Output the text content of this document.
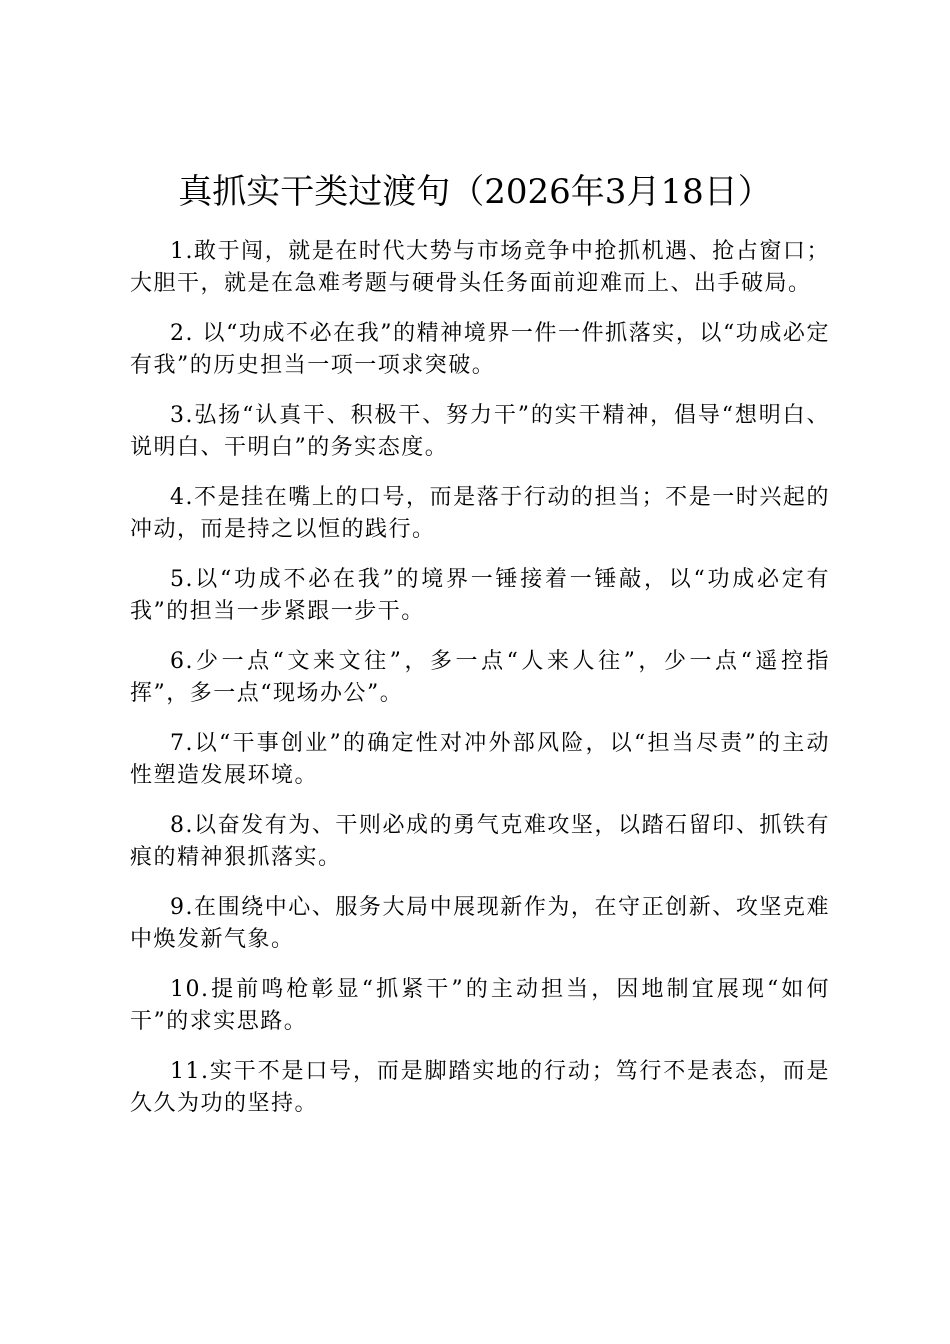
真抓实干类过渡句（2026年3月18日）

1.敢于闯，就是在时代大势与市场竞争中抢抓机遇、抢占窗口；大胆干，就是在急难考题与硬骨头任务面前迎难而上、出手破局。

2. 以“功成不必在我”的精神境界一件一件抓落实，以“功成必定有我”的历史担当一项一项求突破。

3.弘扬“认真干、积极干、努力干”的实干精神，倡导“想明白、说明白、干明白”的务实态度。

4.不是挂在嘴上的口号，而是落于行动的担当；不是一时兴起的冲动，而是持之以恒的践行。

5.以“功成不必在我”的境界一锤接着一锤敲，以“功成必定有我”的担当一步紧跟一步干。

6.少一点“文来文往”，多一点“人来人往”，少一点“遥控指挥”，多一点“现场办公”。

7.以“干事创业”的确定性对冲外部风险，以“担当尽责”的主动性塑造发展环境。

8.以奋发有为、干则必成的勇气克难攻坚，以踏石留印、抓铁有痕的精神狠抓落实。

9.在围绕中心、服务大局中展现新作为，在守正创新、攻坚克难中焕发新气象。

10.提前鸣枪彰显“抓紧干”的主动担当，因地制宜展现“如何干”的求实思路。

11.实干不是口号，而是脚踏实地的行动；笃行不是表态，而是久久为功的坚持。
